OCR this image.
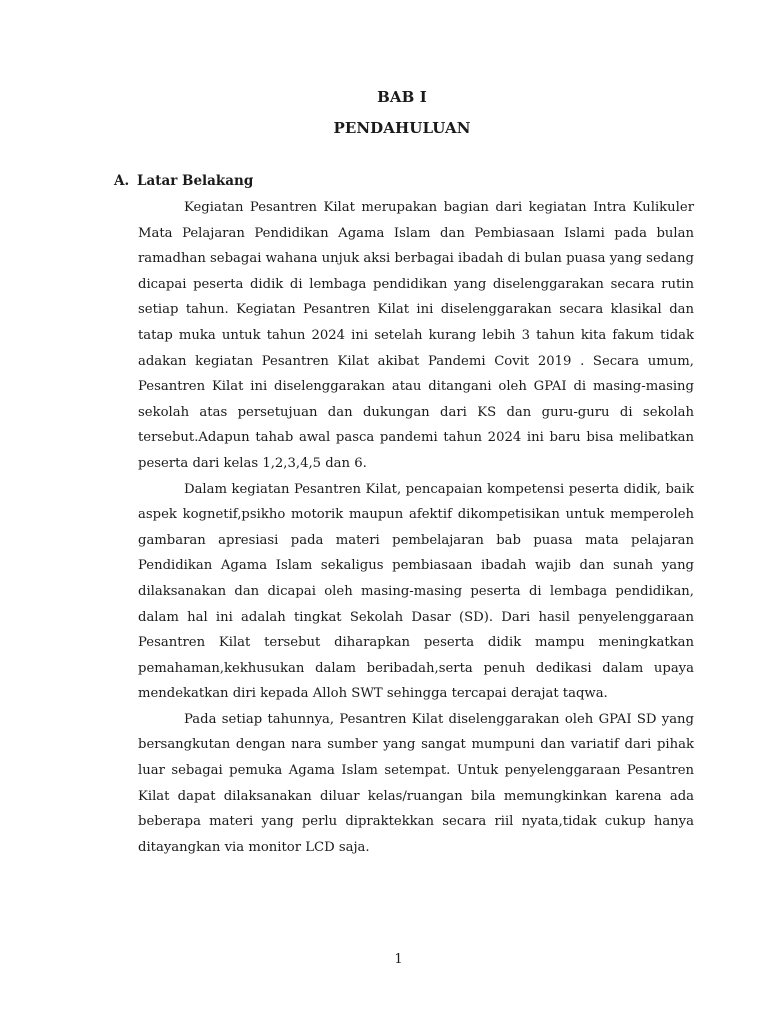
BAB I
PENDAHULUAN
A. Latar Belakang

Kegiatan Pesantren Kilat merupakan bagian dari kegiatan Intra Kulikuler Mata Pelajaran Pendidikan Agama Islam dan Pembiasaan Islami pada bulan ramadhan sebagai wahana unjuk aksi berbagai ibadah di bulan puasa yang sedang dicapai peserta didik di lembaga pendidikan yang diselenggarakan secara rutin setiap tahun. Kegiatan Pesantren Kilat ini diselenggarakan secara klasikal dan tatap muka untuk tahun 2024 ini setelah kurang lebih 3 tahun kita fakum tidak adakan kegiatan Pesantren Kilat akibat Pandemi Covit 2019 . Secara umum, Pesantren Kilat ini diselenggarakan atau ditangani oleh GPAI di masing-masing sekolah atas persetujuan dan dukungan dari KS dan guru-guru di sekolah tersebut.Adapun tahab awal pasca pandemi tahun 2024 ini baru bisa melibatkan peserta dari kelas 1,2,3,4,5 dan 6.

Dalam kegiatan Pesantren Kilat, pencapaian kompetensi peserta didik, baik aspek kognetif,psikho motorik maupun afektif dikompetisikan untuk memperoleh gambaran apresiasi pada materi pembelajaran bab puasa mata pelajaran Pendidikan Agama Islam sekaligus pembiasaan ibadah wajib dan sunah yang dilaksanakan dan dicapai oleh masing-masing peserta di lembaga pendidikan, dalam hal ini adalah tingkat Sekolah Dasar (SD). Dari hasil penyelenggaraan Pesantren Kilat tersebut diharapkan peserta didik mampu meningkatkan pemahaman,kekhusukan dalam beribadah,serta penuh dedikasi dalam upaya mendekatkan diri kepada Alloh SWT sehingga tercapai derajat taqwa.

Pada setiap tahunnya, Pesantren Kilat diselenggarakan oleh GPAI SD yang bersangkutan dengan nara sumber yang sangat mumpuni dan variatif dari pihak luar sebagai pemuka Agama Islam setempat. Untuk penyelenggaraan Pesantren Kilat dapat dilaksanakan diluar kelas/ruangan bila memungkinkan karena ada beberapa materi yang perlu dipraktekkan secara riil nyata,tidak cukup hanya ditayangkan via monitor LCD saja.

1
